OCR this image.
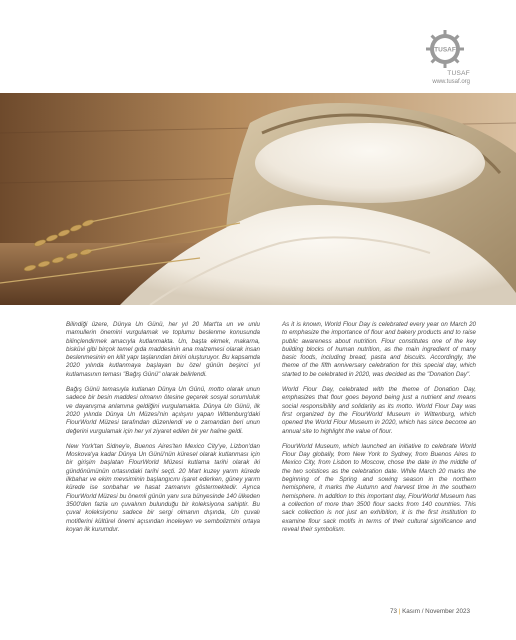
TUSAF
TUSAF
www.tusaf.org

Bilindiği üzere, Dünya Un Günü, her yıl 20 Mart'ta un ve unlu mamullerin önemini vurgulamak ve toplumu beslenme konusunda bilinçlendirmek amacıyla kutlanmakta. Un, başta ekmek, makarna, bisküvi gibi birçok temel gıda maddesinin ana malzemesi olarak insan beslenmesinin en kilit yapı taşlarından birini oluşturuyor. Bu kapsamda 2020 yılında kutlanmaya başlayan bu özel günün beşinci yıl kutlamasının teması "Bağış Günü" olarak belirlendi.

Bağış Günü temasıyla kutlanan Dünya Un Günü, motto olarak unun sadece bir besin maddesi olmanın ötesine geçerek sosyal sorumluluk ve dayanışma anlamına geldiğini vurgulamakta. Dünya Un Günü, ilk 2020 yılında Dünya Un Müzesi'nin açılışını yapan Wittenburg'daki FlourWorld Müzesi tarafından düzenlendi ve o zamandan beri unun değerini vurgulamak için her yıl ziyaret edilen bir yer haline geldi.

New York'tan Sidney'e, Buenos Aires'ten Mexico City'ye, Lizbon'dan Moskova'ya kadar Dünya Un Günü'nün küresel olarak kutlanması için bir girişim başlatan FlourWorld Müzesi kutlama tarihi olarak iki gündönümünün ortasındaki tarihi seçti. 20 Mart kuzey yarım kürede ilkbahar ve ekim mevsiminin başlangıcını işaret ederken, güney yarım kürede ise sonbahar ve hasat zamanını göstermektedir. Ayrıca FlourWorld Müzesi bu önemli günün yanı sıra bünyesinde 140 ülkeden 3500'den fazla un çuvalının bulunduğu bir koleksiyona sahiptir. Bu çuval koleksiyonu sadece bir sergi olmanın dışında, Un çuvalı motiflerini kültürel önemi açısından inceleyen ve sembolizmini ortaya koyan ilk kurumdur.

As it is known, World Flour Day is celebrated every year on March 20 to emphasize the importance of flour and bakery products and to raise public awareness about nutrition. Flour constitutes one of the key building blocks of human nutrition, as the main ingredient of many basic foods, including bread, pasta and biscuits. Accordingly, the theme of the fifth anniversary celebration for this special day, which started to be celebrated in 2020, was decided as the "Donation Day".

World Flour Day, celebrated with the theme of Donation Day, emphasizes that flour goes beyond being just a nutrient and means social responsibility and solidarity as its motto. World Flour Day was first organized by the FlourWorld Museum in Wittenburg, which opened the World Flour Museum in 2020, which has since become an annual site to highlight the value of flour.

FlourWorld Museum, which launched an initiative to celebrate World Flour Day globally, from New York to Sydney, from Buenos Aires to Mexico City, from Lisbon to Moscow, chose the date in the middle of the two solstices as the celebration date. While March 20 marks the beginning of the Spring and sowing season in the northern hemisphere, it marks the Autumn and harvest time in the southern hemisphere. In addition to this important day, FlourWorld Museum has a collection of more than 3500 flour sacks from 140 countries. This sack collection is not just an exhibition, it is the first institution to examine flour sack motifs in terms of their cultural significance and reveal their symbolism.

73 | Kasım / November 2023
